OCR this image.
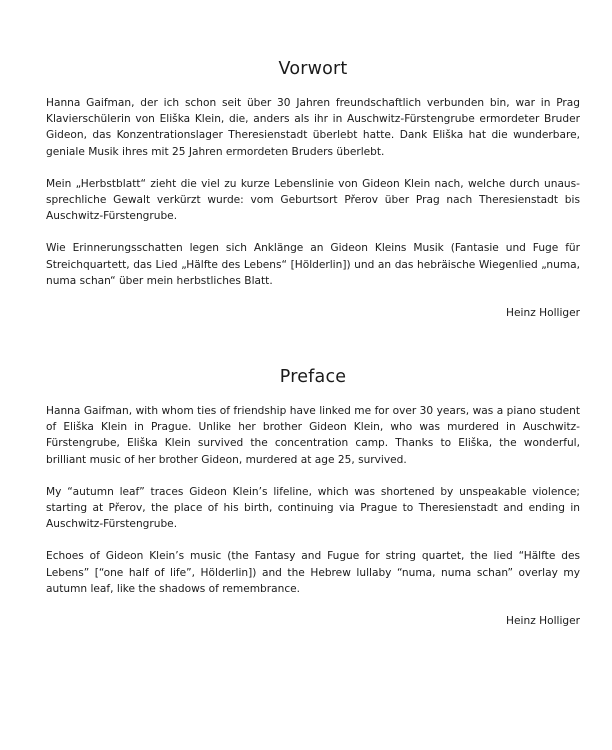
Vorwort

Hanna Gaifman, der ich schon seit über 30 Jahren freundschaftlich verbunden bin, war in Prag Klavierschülerin von Eliška Klein, die, anders als ihr in Auschwitz-Fürstengrube ermordeter Bruder Gideon, das Konzentrationslager Theresienstadt überlebt hatte. Dank Eliška hat die wunderbare, geniale Musik ihres mit 25 Jahren ermordeten Bruders überlebt.

Mein „Herbstblatt“ zieht die viel zu kurze Lebenslinie von Gideon Klein nach, welche durch unaussprechliche Gewalt verkürzt wurde: vom Geburtsort Přerov über Prag nach Theresienstadt bis Auschwitz-Fürstengrube.

Wie Erinnerungsschatten legen sich Anklänge an Gideon Kleins Musik (Fantasie und Fuge für Streichquartett, das Lied „Hälfte des Lebens“ [Hölderlin]) und an das hebräische Wiegenlied „numa, numa schan“ über mein herbstliches Blatt.

Heinz Holliger

Preface

Hanna Gaifman, with whom ties of friendship have linked me for over 30 years, was a piano student of Eliška Klein in Prague. Unlike her brother Gideon Klein, who was murdered in Auschwitz-Fürstengrube, Eliška Klein survived the concentration camp. Thanks to Eliška, the wonderful, brilliant music of her brother Gideon, murdered at age 25, survived.

My “autumn leaf” traces Gideon Klein’s lifeline, which was shortened by unspeakable violence; starting at Přerov, the place of his birth, continuing via Prague to Theresienstadt and ending in Auschwitz-Fürstengrube.

Echoes of Gideon Klein’s music (the Fantasy and Fugue for string quartet, the lied “Hälfte des Lebens” [“one half of life”, Hölderlin]) and the Hebrew lullaby “numa, numa schan” overlay my autumn leaf, like the shadows of remembrance.

Heinz Holliger
